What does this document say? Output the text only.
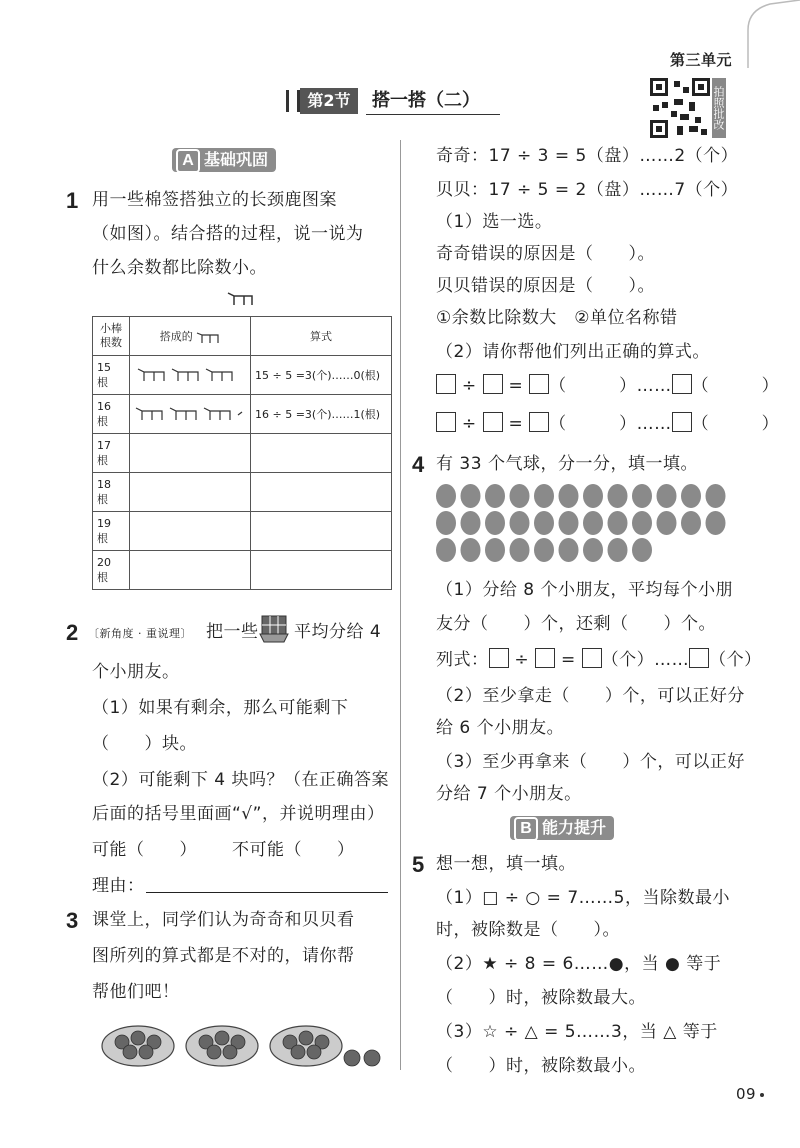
第三单元
第2节	搭一搭（二）	拍照批改
A 基础巩固
1 用一些棉签搭独立的长颈鹿图案
（如图）。结合搭的过程，说一说为
什么余数都比除数小。
小棒
根数	搭成的	算式
15 根		15 ÷ 5 =3(个)……0(根)
16 根		16 ÷ 5 =3(个)……1(根)
17 根		
18 根		
19 根		
20 根		
2 〔新角度 · 重说理〕 把一些 平均分给 4
个小朋友。
（1）如果有剩余，那么可能剩下
（　　）块。
（2）可能剩下 4 块吗？（在正确答案
后面的括号里面画“√”，并说明理由）
可能（　　） 不可能（　　）
理由：
3 课堂上，同学们认为奇奇和贝贝看
图所列的算式都是不对的，请你帮
帮他们吧！
奇奇：17 ÷ 3 = 5（盘）……2（个）
贝贝：17 ÷ 5 = 2（盘）……7（个）
（1）选一选。
奇奇错误的原因是（　　）。
贝贝错误的原因是（　　）。
①余数比除数大　②单位名称错
（2）请你帮他们列出正确的算式。
÷ = （　　　	）…… （　　　	）
÷ = （　　　	）…… （　　　	）
4 有 33 个气球，分一分，填一填。
（1）分给 8 个小朋友，平均每个小朋
友分（　　）个，还剩（　　）个。
列式： ÷ = （个）…… （个）
（2）至少拿走（　　）个，可以正好分
给 6 个小朋友。
（3）至少再拿来（　　）个，可以正好
分给 7 个小朋友。
B 能力提升
5 想一想，填一填。
（1）□ ÷ ○ = 7……5，当除数最小
时，被除数是（　　）。
（2）★ ÷ 8 = 6……●，当 ● 等于
（　　）时，被除数最大。
（3）☆ ÷ △ = 5……3，当 △ 等于
（　　）时，被除数最小。
09
